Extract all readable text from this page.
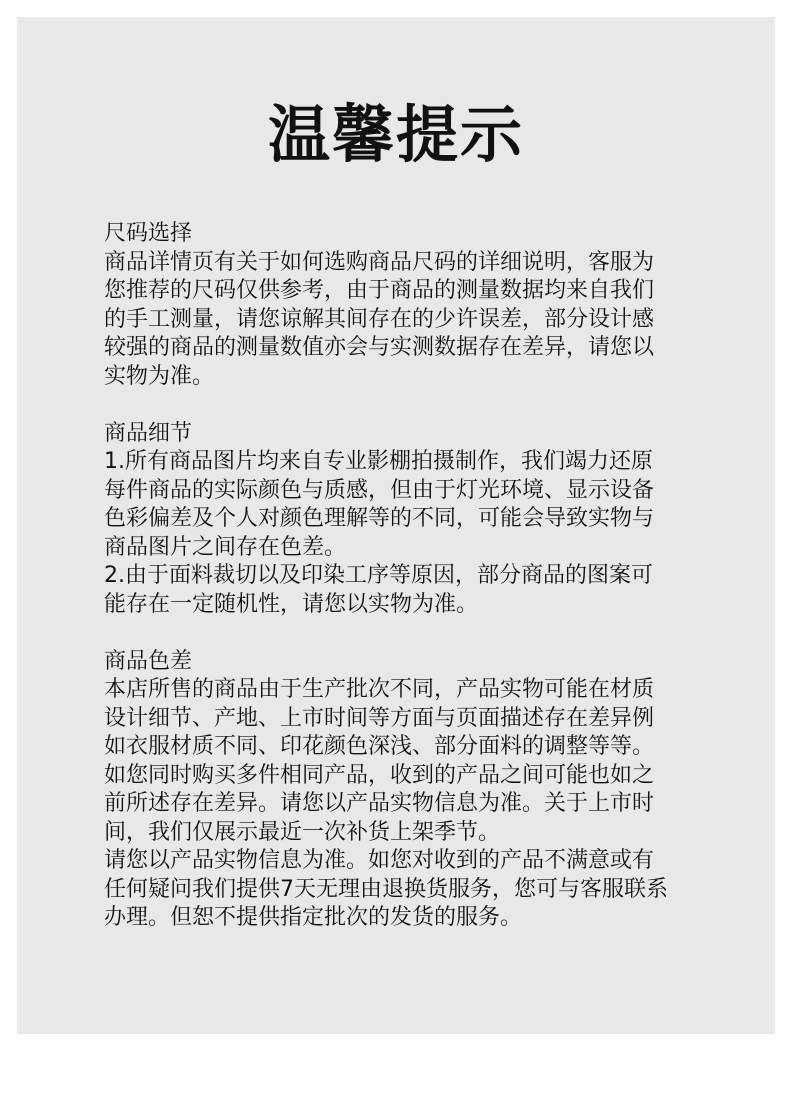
温馨提示
尺码选择

商品详情页有关于如何选购商品尺码的详细说明，客服为
您推荐的尺码仅供参考，由于商品的测量数据均来自我们
的手工测量，请您谅解其间存在的少许误差，部分设计感
较强的商品的测量数值亦会与实测数据存在差异，请您以
实物为准。

商品细节

1.所有商品图片均来自专业影棚拍摄制作，我们竭力还原
每件商品的实际颜色与质感，但由于灯光环境、显示设备
色彩偏差及个人对颜色理解等的不同，可能会导致实物与
商品图片之间存在色差。

2.由于面料裁切以及印染工序等原因，部分商品的图案可
能存在一定随机性，请您以实物为准。

商品色差

本店所售的商品由于生产批次不同，产品实物可能在材质
设计细节、产地、上市时间等方面与页面描述存在差异例
如衣服材质不同、印花颜色深浅、部分面料的调整等等。
如您同时购买多件相同产品，收到的产品之间可能也如之
前所述存在差异。请您以产品实物信息为准。关于上市时
间，我们仅展示最近一次补货上架季节。

请您以产品实物信息为准。如您对收到的产品不满意或有
任何疑问我们提供7天无理由退换货服务，您可与客服联系
办理。但恕不提供指定批次的发货的服务。
